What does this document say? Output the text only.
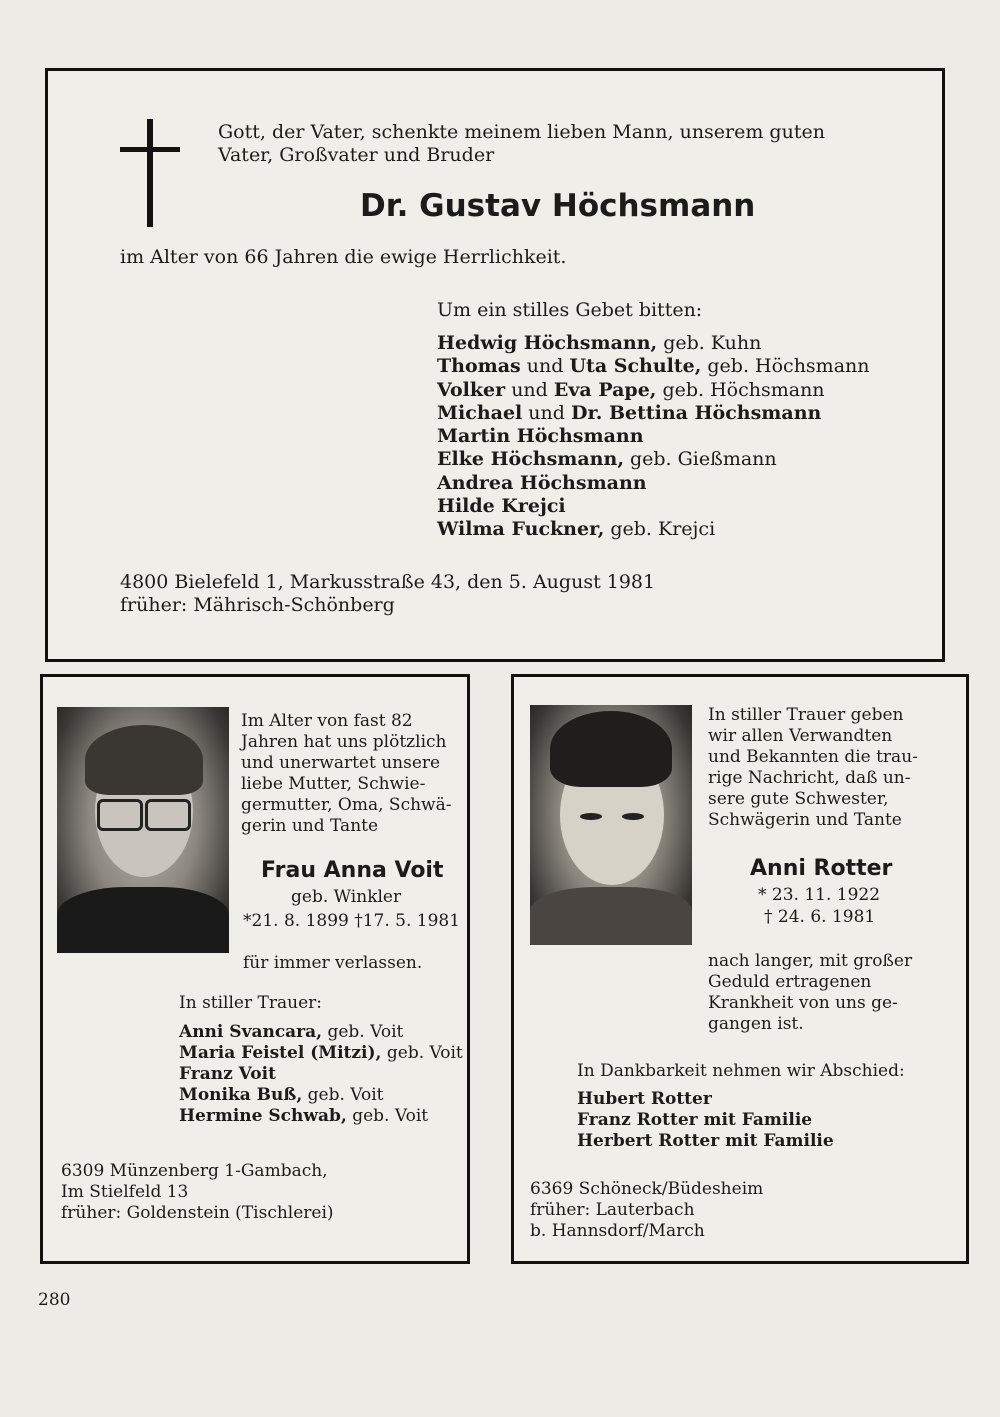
Gott, der Vater, schenkte meinem lieben Mann, unserem guten
Vater, Großvater und Bruder
Dr. Gustav Höchsmann
im Alter von 66 Jahren die ewige Herrlichkeit.
Um ein stilles Gebet bitten:
Hedwig Höchsmann, geb. Kuhn
Thomas und Uta Schulte, geb. Höchsmann
Volker und Eva Pape, geb. Höchsmann
Michael und Dr. Bettina Höchsmann
Martin Höchsmann
Elke Höchsmann, geb. Gießmann
Andrea Höchsmann
Hilde Krejci
Wilma Fuckner, geb. Krejci
4800 Bielefeld 1, Markusstraße 43, den 5. August 1981
früher: Mährisch-Schönberg
Im Alter von fast 82
Jahren hat uns plötzlich
und unerwartet unsere
liebe Mutter, Schwie-
germutter, Oma, Schwä-
gerin und Tante
Frau Anna Voit
geb. Winkler
*21. 8. 1899 †17. 5. 1981
für immer verlassen.
In stiller Trauer:
Anni Svancara, geb. Voit
Maria Feistel (Mitzi), geb. Voit
Franz Voit
Monika Buß, geb. Voit
Hermine Schwab, geb. Voit
6309 Münzenberg 1-Gambach,
Im Stielfeld 13
früher: Goldenstein (Tischlerei)
In stiller Trauer geben
wir allen Verwandten
und Bekannten die trau-
rige Nachricht, daß un-
sere gute Schwester,
Schwägerin und Tante
Anni Rotter
* 23. 11. 1922
† 24. 6. 1981
nach langer, mit großer
Geduld ertragenen
Krankheit von uns ge-
gangen ist.
In Dankbarkeit nehmen wir Abschied:
Hubert Rotter
Franz Rotter mit Familie
Herbert Rotter mit Familie
6369 Schöneck/Büdesheim
früher: Lauterbach
b. Hannsdorf/March
280
